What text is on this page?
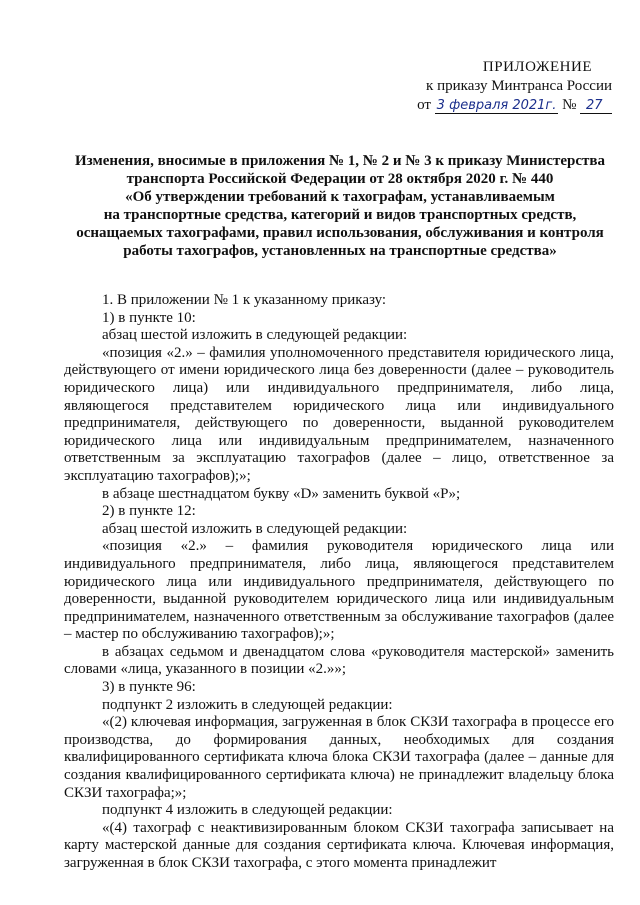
ПРИЛОЖЕНИЕ
к приказу Минтранса России
от 3 февраля 2021г. № 27
Изменения, вносимые в приложения № 1, № 2 и № 3 к приказу Министерства
транспорта Российской Федерации от 28 октября 2020 г. № 440
«Об утверждении требований к тахографам, устанавливаемым
на транспортные средства, категорий и видов транспортных средств,
оснащаемых тахографами, правил использования, обслуживания и контроля
работы тахографов, установленных на транспортные средства»

1. В приложении № 1 к указанному приказу:

1) в пункте 10:

абзац шестой изложить в следующей редакции:

«позиция «2.» – фамилия уполномоченного представителя юридического лица, действующего от имени юридического лица без доверенности (далее – руководитель юридического лица) или индивидуального предпринимателя, либо лица, являющегося представителем юридического лица или индивидуального предпринимателя, действующего по доверенности, выданной руководителем юридического лица или индивидуальным предпринимателем, назначенного ответственным за эксплуатацию тахографов (далее – лицо, ответственное за эксплуатацию тахографов);»;

в абзаце шестнадцатом букву «D» заменить буквой «P»;

2) в пункте 12:

абзац шестой изложить в следующей редакции:

«позиция «2.» – фамилия руководителя юридического лица или индивидуального предпринимателя, либо лица, являющегося представителем юридического лица или индивидуального предпринимателя, действующего по доверенности, выданной руководителем юридического лица или индивидуальным предпринимателем, назначенного ответственным за обслуживание тахографов (далее – мастер по обслуживанию тахографов);»;

в абзацах седьмом и двенадцатом слова «руководителя мастерской» заменить словами «лица, указанного в позиции «2.»»;

3) в пункте 96:

подпункт 2 изложить в следующей редакции:

«(2) ключевая информация, загруженная в блок СКЗИ тахографа в процессе его производства, до формирования данных, необходимых для создания квалифицированного сертификата ключа блока СКЗИ тахографа (далее – данные для создания квалифицированного сертификата ключа) не принадлежит владельцу блока СКЗИ тахографа;»;

подпункт 4 изложить в следующей редакции:

«(4) тахограф с неактивизированным блоком СКЗИ тахографа записывает на карту мастерской данные для создания сертификата ключа. Ключевая информация, загруженная в блок СКЗИ тахографа, с этого момента принадлежит
